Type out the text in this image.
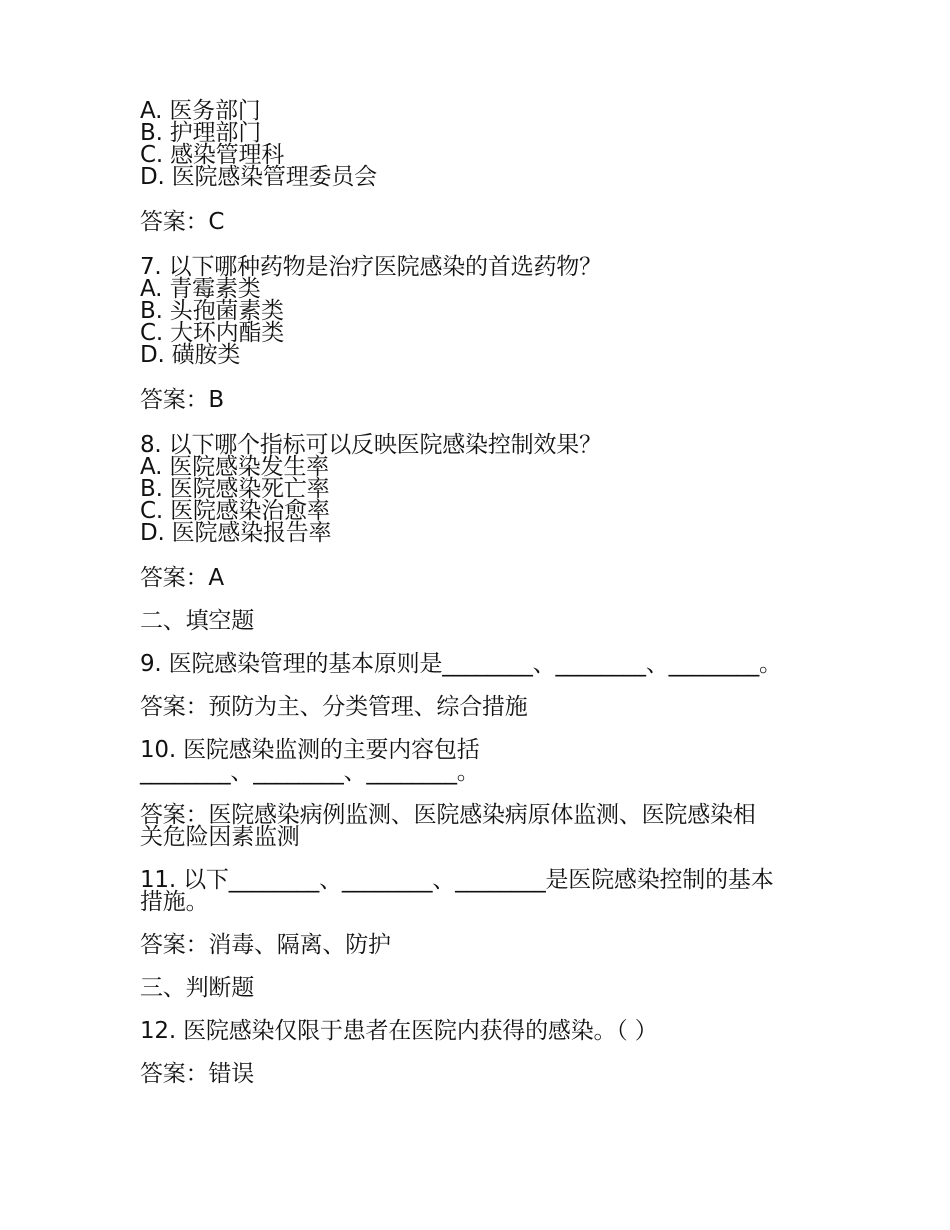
A. 医务部门

B. 护理部门

C. 感染管理科

D. 医院感染管理委员会

答案：C

7. 以下哪种药物是治疗医院感染的首选药物？

A. 青霉素类

B. 头孢菌素类

C. 大环内酯类

D. 磺胺类

答案：B

8. 以下哪个指标可以反映医院感染控制效果？

A. 医院感染发生率

B. 医院感染死亡率

C. 医院感染治愈率

D. 医院感染报告率

答案：A

二、填空题

9. 医院感染管理的基本原则是________、________、________。

答案：预防为主、分类管理、综合措施

10. 医院感染监测的主要内容包括

________、________、________。

答案：医院感染病例监测、医院感染病原体监测、医院感染相

关危险因素监测

11. 以下________、________、________是医院感染控制的基本

措施。

答案：消毒、隔离、防护

三、判断题

12. 医院感染仅限于患者在医院内获得的感染。（ ）

答案：错误
